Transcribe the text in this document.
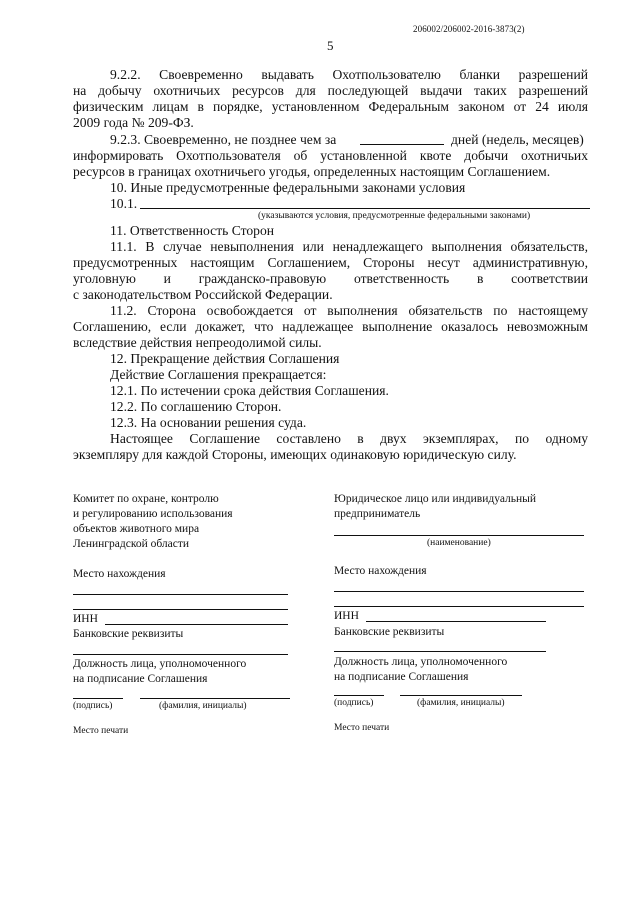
206002/206002-2016-3873(2)
5
9.2.2. Своевременно выдавать Охотпользователю бланки разрешений
на добычу охотничьих ресурсов для последующей выдачи таких разрешений
физическим лицам в порядке, установленном Федеральным законом от 24 июля
2009 года № 209-ФЗ.
9.2.3. Своевременно, не позднее чем за	дней (недель, месяцев)
информировать Охотпользователя об установленной квоте добычи охотничьих
ресурсов в границах охотничьего угодья, определенных настоящим Соглашением.
10. Иные предусмотренные федеральными законами условия
10.1.
(указываются условия, предусмотренные федеральными законами)
11. Ответственность Сторон
11.1. В случае невыполнения или ненадлежащего выполнения обязательств,
предусмотренных настоящим Соглашением, Стороны несут административную,
уголовную и гражданско-правовую ответственность в соответствии
с законодательством Российской Федерации.
11.2. Сторона освобождается от выполнения обязательств по настоящему
Соглашению, если докажет, что надлежащее выполнение оказалось невозможным
вследствие действия непреодолимой силы.
12. Прекращение действия Соглашения
Действие Соглашения прекращается:
12.1. По истечении срока действия Соглашения.
12.2. По соглашению Сторон.
12.3. На основании решения суда.
Настоящее Соглашение составлено в двух экземплярах, по одному
экземпляру для каждой Стороны, имеющих одинаковую юридическую силу.
Комитет по охране, контролю
и регулированию использования
объектов животного мира
Ленинградской области
Место нахождения
ИНН
Банковские реквизиты
Должность лица, уполномоченного
на подписание Соглашения
(подпись)	(фамилия, инициалы)
Место печати
Юридическое лицо или индивидуальный
предприниматель
(наименование)
Место нахождения
ИНН
Банковские реквизиты
Должность лица, уполномоченного
на подписание Соглашения
(подпись)	(фамилия, инициалы)
Место печати
